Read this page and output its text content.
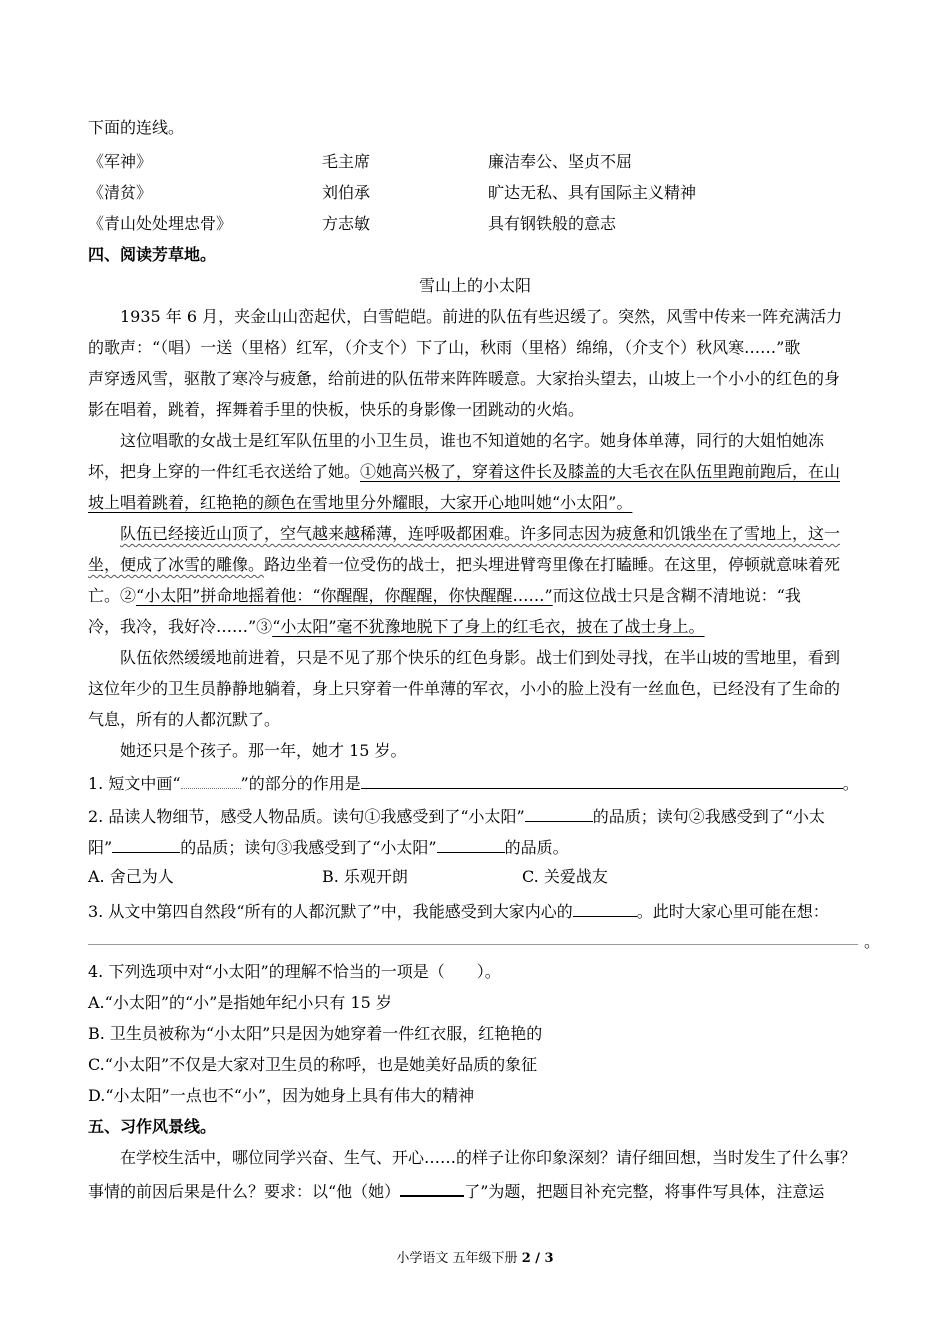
下面的连线。
《军神》	毛主席	廉洁奉公、坚贞不屈
《清贫》	刘伯承	旷达无私、具有国际主义精神
《青山处处埋忠骨》	方志敏	具有钢铁般的意志
四、阅读芳草地。
雪山上的小太阳
1935 年 6 月，夹金山山峦起伏，白雪皑皑。前进的队伍有些迟缓了。突然，风雪中传来一阵充满活力
的歌声：“（唱）一送（里格）红军，（介支个）下了山，秋雨（里格）绵绵，（介支个）秋风寒……”歌
声穿透风雪，驱散了寒冷与疲惫，给前进的队伍带来阵阵暖意。大家抬头望去，山坡上一个小小的红色的身
影在唱着，跳着，挥舞着手里的快板，快乐的身影像一团跳动的火焰。
这位唱歌的女战士是红军队伍里的小卫生员，谁也不知道她的名字。她身体单薄，同行的大姐怕她冻
坏，把身上穿的一件红毛衣送给了她。①她高兴极了，穿着这件长及膝盖的大毛衣在队伍里跑前跑后，在山
坡上唱着跳着，红艳艳的颜色在雪地里分外耀眼，大家开心地叫她“小太阳”。
队伍已经接近山顶了，空气越来越稀薄，连呼吸都困难。许多同志因为疲惫和饥饿坐在了雪地上，这一
坐，便成了冰雪的雕像。路边坐着一位受伤的战士，把头埋进臂弯里像在打瞌睡。在这里，停顿就意味着死
亡。②“小太阳”拼命地摇着他：“你醒醒，你醒醒，你快醒醒……”而这位战士只是含糊不清地说：“我
冷，我冷，我好冷……”③“小太阳”毫不犹豫地脱下了身上的红毛衣，披在了战士身上。
队伍依然缓缓地前进着，只是不见了那个快乐的红色身影。战士们到处寻找，在半山坡的雪地里，看到
这位年少的卫生员静静地躺着，身上只穿着一件单薄的军衣，小小的脸上没有一丝血色，已经没有了生命的
气息，所有的人都沉默了。
她还只是个孩子。那一年，她才 15 岁。
1. 短文中画“	”的部分的作用是	。
2. 品读人物细节，感受人物品质。读句①我感受到了“小太阳”	的品质；读句②我感受到了“小太
阳”	的品质；读句③我感受到了“小太阳”	的品质。
A. 舍己为人	B. 乐观开朗	C. 关爱战友
3. 从文中第四自然段“所有的人都沉默了”中，我能感受到大家内心的	。此时大家心里可能在想：
。
4. 下列选项中对“小太阳”的理解不恰当的一项是（　　）。
A.“小太阳”的“小”是指她年纪小只有 15 岁
B. 卫生员被称为“小太阳”只是因为她穿着一件红衣服，红艳艳的
C.“小太阳”不仅是大家对卫生员的称呼，也是她美好品质的象征
D.“小太阳”一点也不“小”，因为她身上具有伟大的精神
五、习作风景线。
在学校生活中，哪位同学兴奋、生气、开心……的样子让你印象深刻？请仔细回想，当时发生了什么事？
事情的前因后果是什么？要求：以“他（她）	了”为题，把题目补充完整，将事件写具体，注意运
小学语文 五年级下册 2 / 3
